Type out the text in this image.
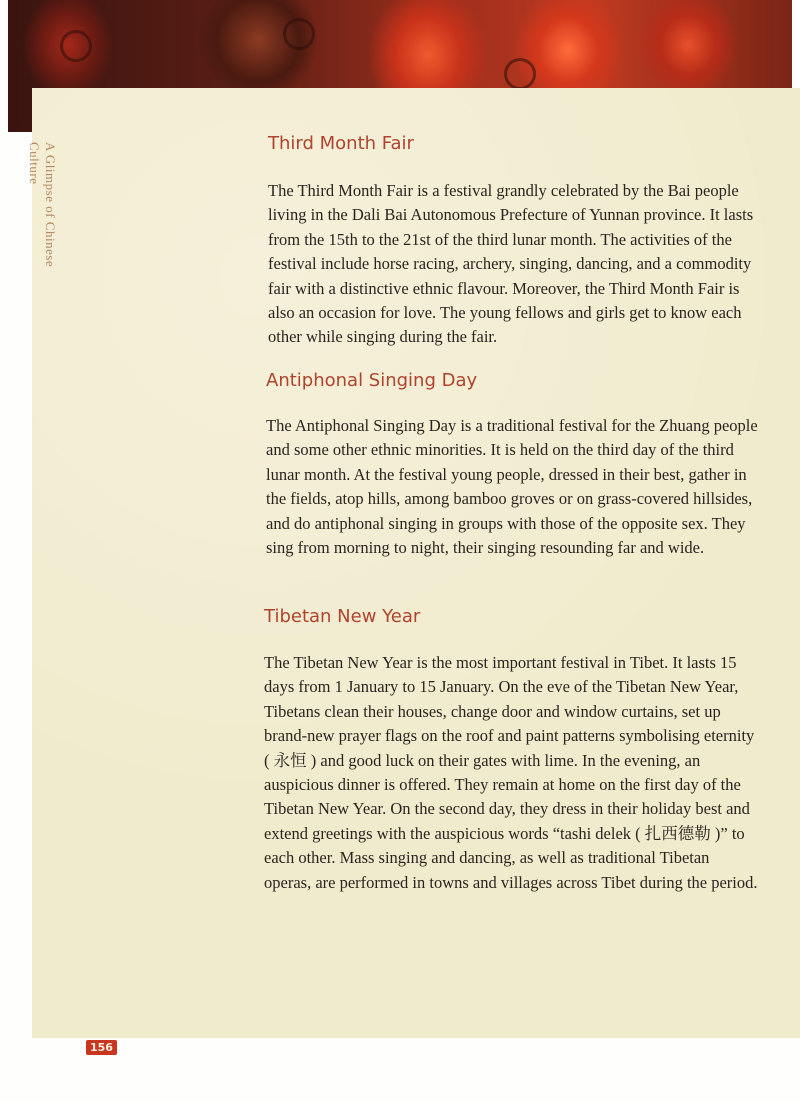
A Glimpse of Chinese Culture	Third Month Fair

The Third Month Fair is a festival grandly celebrated by the Bai people living in the Dali Bai Autonomous Prefecture of Yunnan province. It lasts from the 15th to the 21st of the third lunar month. The activities of the festival include horse racing, archery, singing, dancing, and a commodity fair with a distinctive ethnic flavour. Moreover, the Third Month Fair is also an occasion for love. The young fellows and girls get to know each other while singing during the fair.

Antiphonal Singing Day

The Antiphonal Singing Day is a traditional festival for the Zhuang people and some other ethnic minorities. It is held on the third day of the third lunar month. At the festival young people, dressed in their best, gather in the fields, atop hills, among bamboo groves or on grass-covered hillsides, and do antiphonal singing in groups with those of the opposite sex. They sing from morning to night, their singing resounding far and wide.

Tibetan New Year

The Tibetan New Year is the most important festival in Tibet. It lasts 15 days from 1 January to 15 January. On the eve of the Tibetan New Year, Tibetans clean their houses, change door and window curtains, set up brand-new prayer flags on the roof and paint patterns symbolising eternity ( 永恒 ) and good luck on their gates with lime. In the evening, an auspicious dinner is offered. They remain at home on the first day of the Tibetan New Year. On the second day, they dress in their holiday best and extend greetings with the auspicious words “tashi delek ( 扎西德勒 )” to each other. Mass singing and dancing, as well as traditional Tibetan operas, are performed in towns and villages across Tibet during the period.

156
